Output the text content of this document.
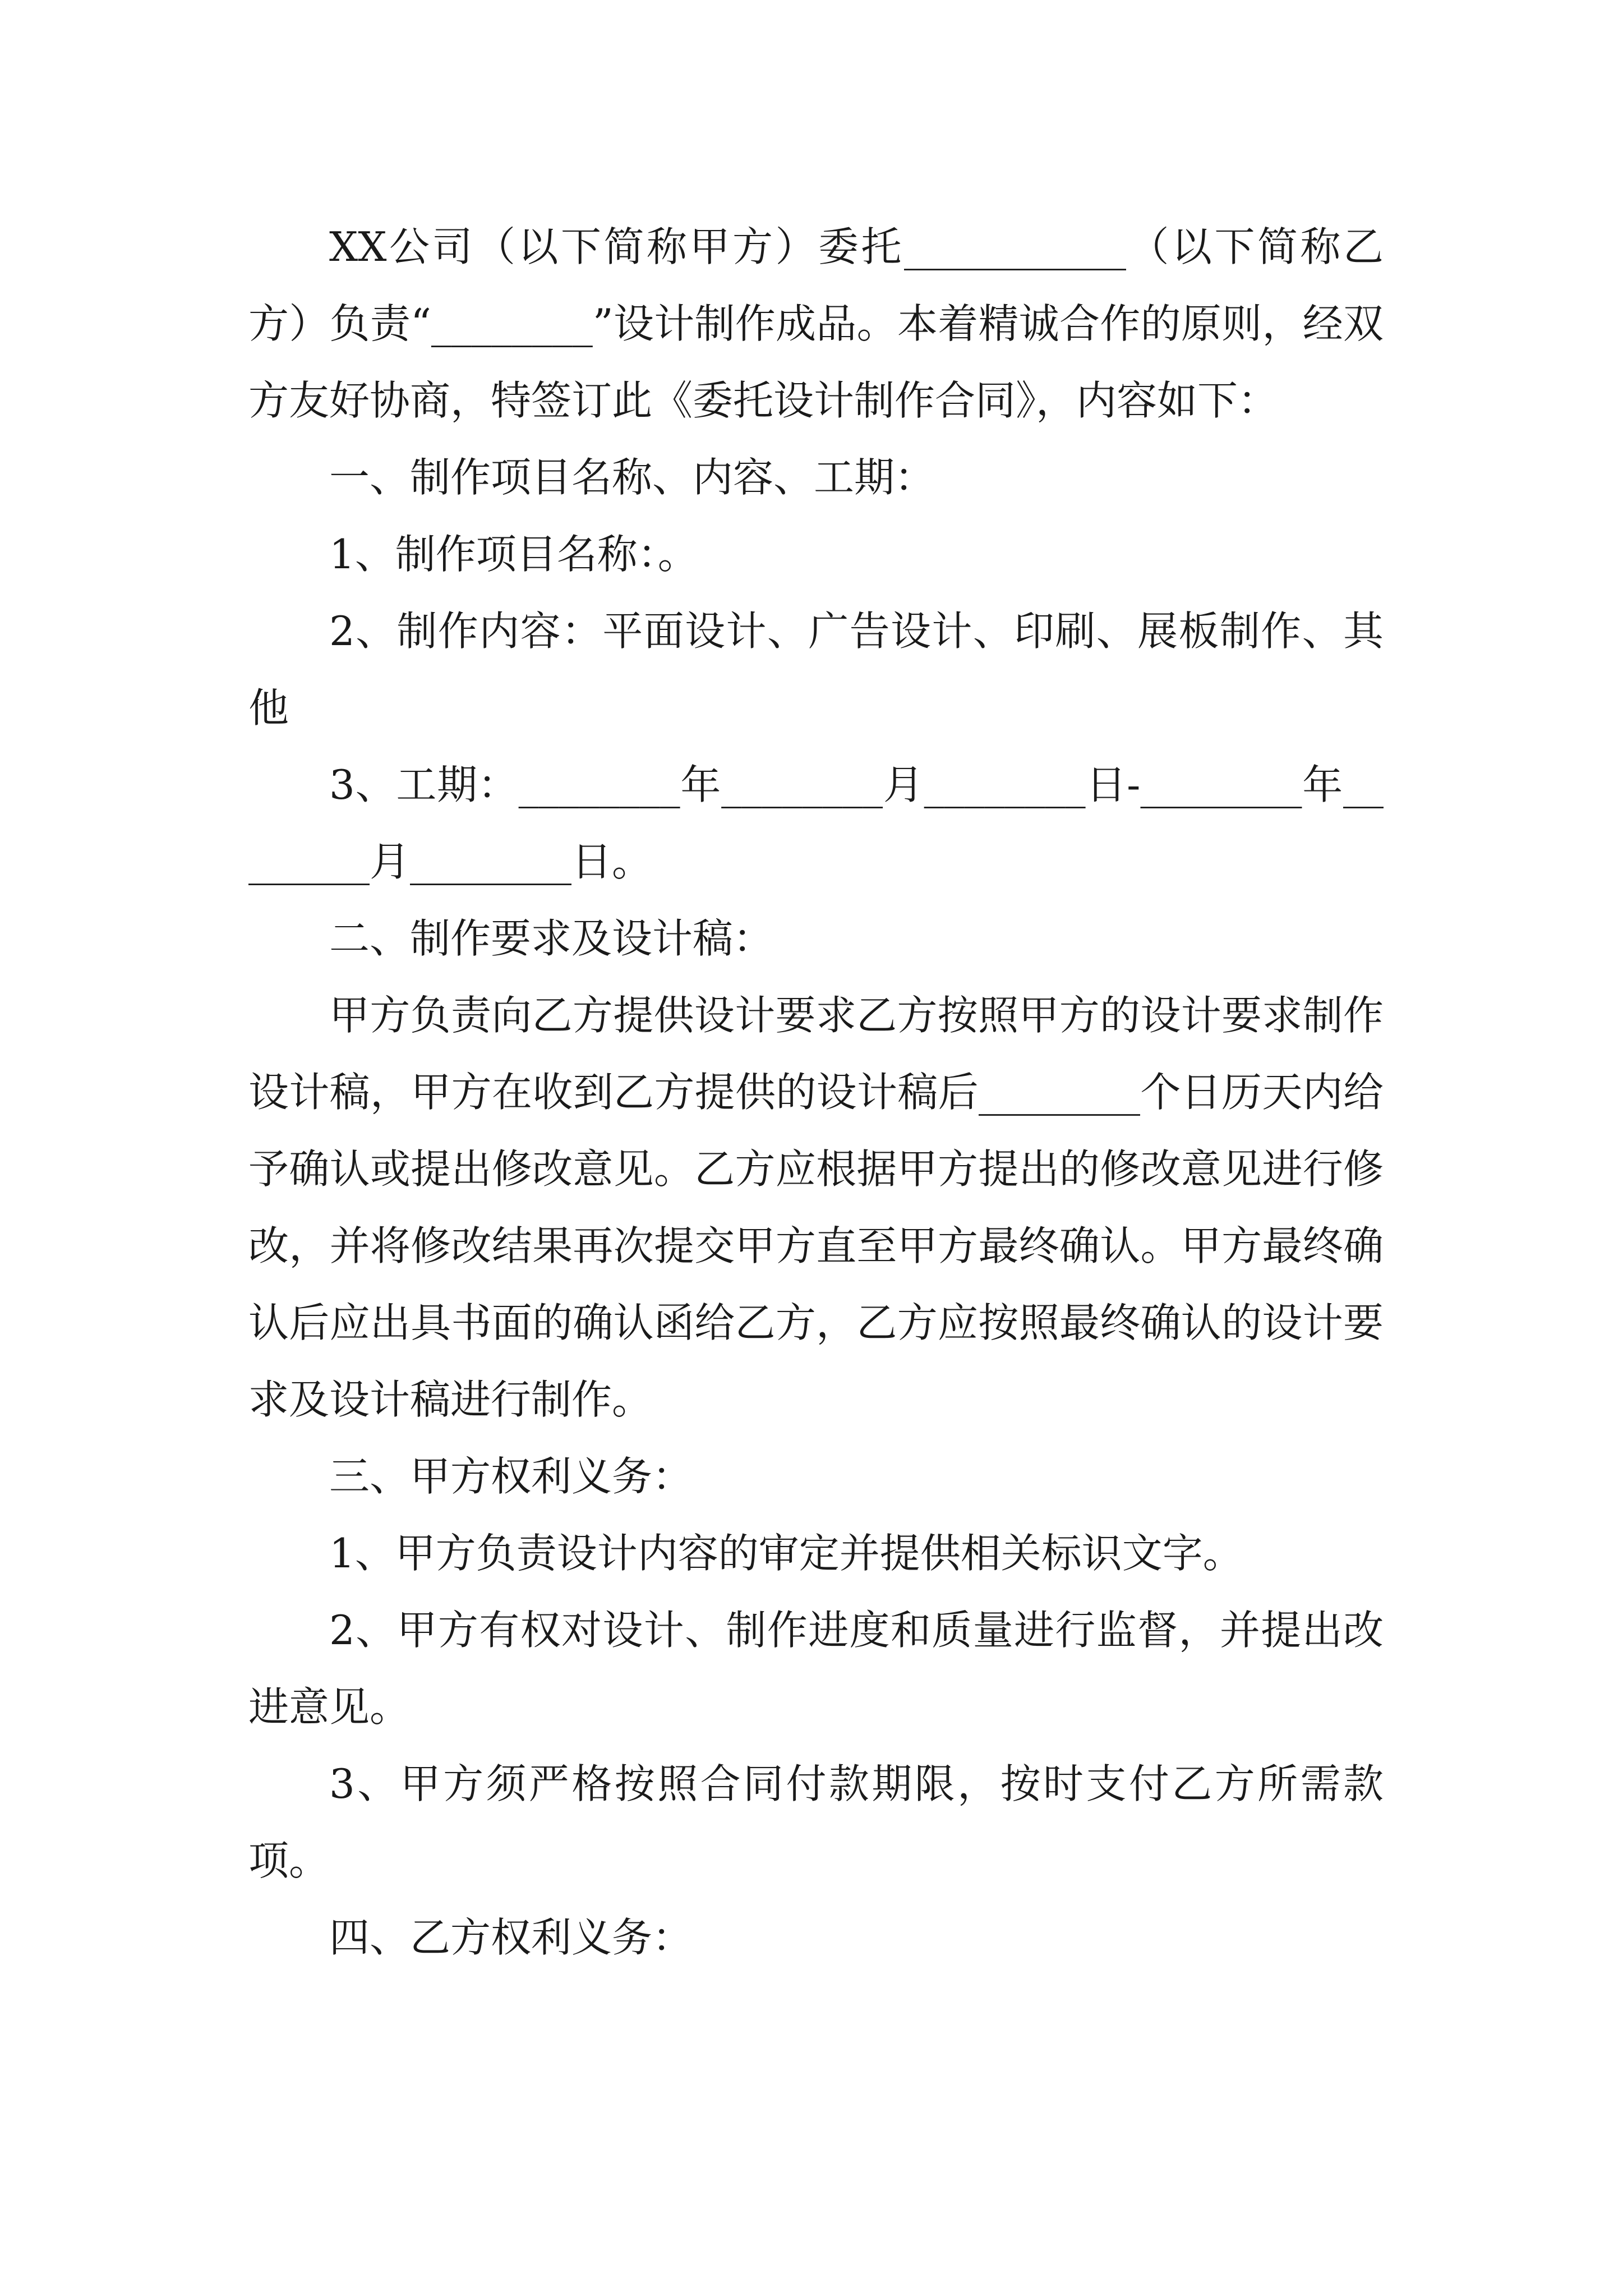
XX公司（以下简称甲方）委托___________（以下简称乙方）负责“________”设计制作成品。本着精诚合作的原则，经双方友好协商，特签订此《委托设计制作合同》，内容如下：

一、制作项目名称、内容、工期：

1、制作项目名称：。

2、制作内容：平面设计、广告设计、印刷、展板制作、其他

3、工期：________年________月________日-________年________月________日。

二、制作要求及设计稿：

甲方负责向乙方提供设计要求乙方按照甲方的设计要求制作设计稿，甲方在收到乙方提供的设计稿后________个日历天内给予确认或提出修改意见。乙方应根据甲方提出的修改意见进行修改，并将修改结果再次提交甲方直至甲方最终确认。甲方最终确认后应出具书面的确认函给乙方，乙方应按照最终确认的设计要求及设计稿进行制作。

三、甲方权利义务：

1、甲方负责设计内容的审定并提供相关标识文字。

2、甲方有权对设计、制作进度和质量进行监督，并提出改进意见。

3、甲方须严格按照合同付款期限，按时支付乙方所需款项。

四、乙方权利义务：
